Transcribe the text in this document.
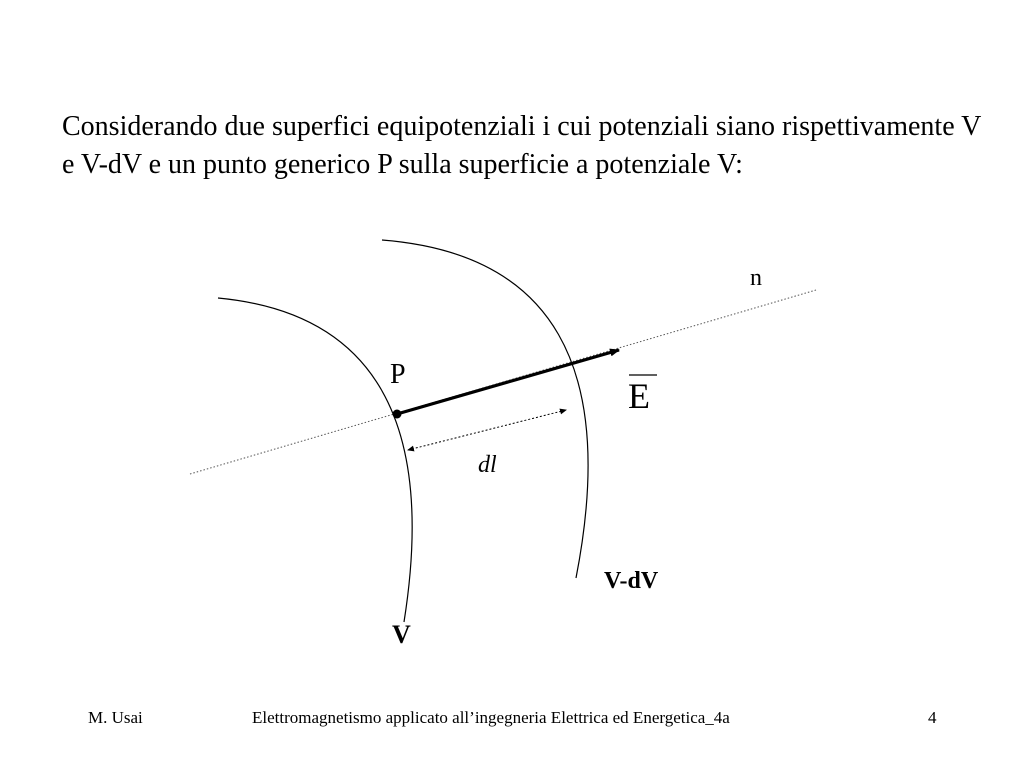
Considerando due superfici equipotenziali i cui potenziali siano rispettivamente V e V-dV e un punto generico P sulla superficie a potenziale V:

n
P
E
dl
V-dV
V
M. Usai	Elettromagnetismo applicato all’ingegneria Elettrica ed Energetica_4a	4
